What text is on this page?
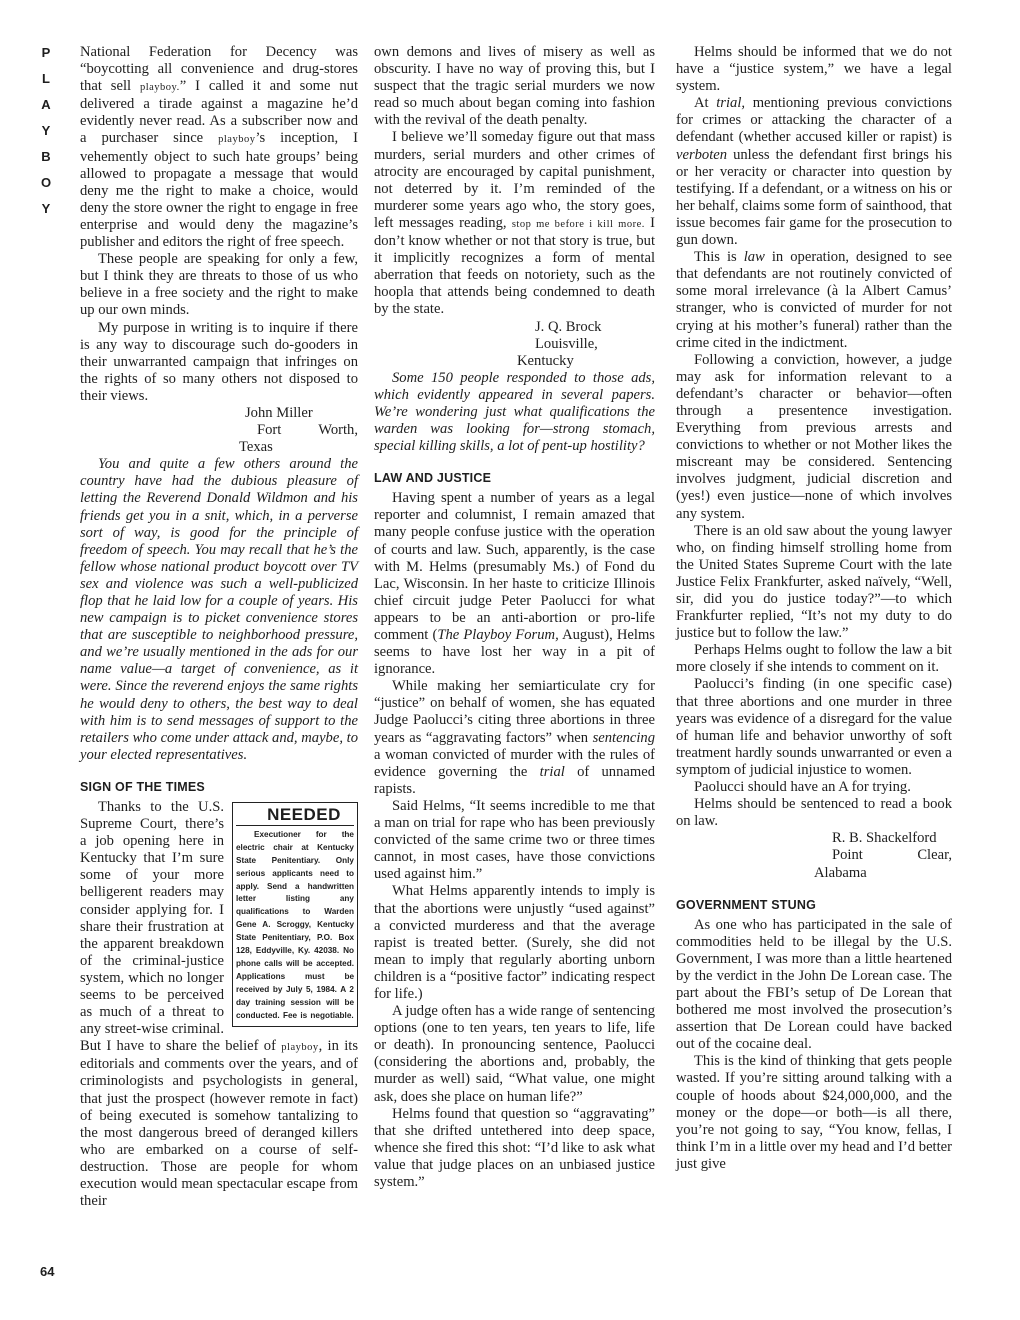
P
L
A
Y
B
O
Y
64

National Federation for Decency was “boycotting all convenience and drug-stores that sell playboy.” I called it and some nut delivered a tirade against a magazine he’d evidently never read. As a subscriber now and a purchaser since playboy’s inception, I vehemently object to such hate groups’ being allowed to propagate a message that would deny me the right to make a choice, would deny the store owner the right to engage in free enterprise and would deny the magazine’s publisher and editors the right of free speech.

These people are speaking for only a few, but I think they are threats to those of us who believe in a free society and the right to make up our own minds.

My purpose in writing is to inquire if there is any way to discourage such do-gooders in their unwarranted campaign that infringes on the rights of so many others not disposed to their views.

John Miller

Fort Worth, Texas

You and quite a few others around the country have had the dubious pleasure of letting the Reverend Donald Wildmon and his friends get you in a snit, which, in a perverse sort of way, is good for the principle of freedom of speech. You may recall that he’s the fellow whose national product boycott over TV sex and violence was such a well-publicized flop that he laid low for a couple of years. His new campaign is to picket convenience stores that are susceptible to neighborhood pressure, and we’re usually mentioned in the ads for our name value—a target of convenience, as it were. Since the reverend enjoys the same rights he would deny to others, the best way to deal with him is to send messages of support to the retailers who come under attack and, maybe, to your elected representatives.

SIGN OF THE TIMES

NEEDED
Executioner for the electric chair at Kentucky State Penitentiary. Only serious applicants need to apply. Send a handwritten letter listing any qualifications to Warden Gene A. Scroggy, Kentucky State Penitentiary, P.O. Box 128, Eddyville, Ky. 42038. No phone calls will be accepted. Applications must be received by July 5, 1984. A 2 day training session will be conducted. Fee is negotiable.
Thanks to the U.S. Supreme Court, there’s a job opening here in Kentucky that I’m sure some of your more belligerent readers may consider applying for. I share their frustration at the apparent breakdown of the criminal-justice system, which no longer seems to be perceived as much of a threat to any street-wise criminal. But I have to share the belief of playboy, in its editorials and comments over the years, and of criminologists and psychologists in general, that just the prospect (however remote in fact) of being executed is somehow tantalizing to the most dangerous breed of deranged killers who are embarked on a course of self-destruction. Those are people for whom execution would mean spectacular escape from their

own demons and lives of misery as well as obscurity. I have no way of proving this, but I suspect that the tragic serial murders we now read so much about began coming into fashion with the revival of the death penalty.

I believe we’ll someday figure out that mass murders, serial murders and other crimes of atrocity are encouraged by capital punishment, not deterred by it. I’m reminded of the murderer some years ago who, the story goes, left messages reading, stop me before i kill more. I don’t know whether or not that story is true, but it implicitly recognizes a form of mental aberration that feeds on notoriety, such as the hoopla that attends being condemned to death by the state.

J. Q. Brock

Louisville, Kentucky

Some 150 people responded to those ads, which evidently appeared in several papers. We’re wondering just what qualifications the warden was looking for—strong stomach, special killing skills, a lot of pent-up hostility?

LAW AND JUSTICE

Having spent a number of years as a legal reporter and columnist, I remain amazed that many people confuse justice with the operation of courts and law. Such, apparently, is the case with M. Helms (presumably Ms.) of Fond du Lac, Wisconsin. In her haste to criticize Illinois chief circuit judge Peter Paolucci for what appears to be an anti-abortion or pro-life comment (The Playboy Forum, August), Helms seems to have lost her way in a pit of ignorance.

While making her semiarticulate cry for “justice” on behalf of women, she has equated Judge Paolucci’s citing three abortions in three years as “aggravating factors” when sentencing a woman convicted of murder with the rules of evidence governing the trial of unnamed rapists.

Said Helms, “It seems incredible to me that a man on trial for rape who has been previously convicted of the same crime two or three times cannot, in most cases, have those convictions used against him.”

What Helms apparently intends to imply is that the abortions were unjustly “used against” a convicted murderess and that the average rapist is treated better. (Surely, she did not mean to imply that regularly aborting unborn children is a “positive factor” indicating respect for life.)

A judge often has a wide range of sentencing options (one to ten years, ten years to life, life or death). In pronouncing sentence, Paolucci (considering the abortions and, probably, the murder as well) said, “What value, one might ask, does she place on human life?”

Helms found that question so “aggravating” that she drifted untethered into deep space, whence she fired this shot: “I’d like to ask what value that judge places on an unbiased justice system.”

Helms should be informed that we do not have a “justice system,” we have a legal system.

At trial, mentioning previous convictions for crimes or attacking the character of a defendant (whether accused killer or rapist) is verboten unless the defendant first brings his or her veracity or character into question by testifying. If a defendant, or a witness on his or her behalf, claims some form of sainthood, that issue becomes fair game for the prosecution to gun down.

This is law in operation, designed to see that defendants are not routinely convicted of some moral irrelevance (à la Albert Camus’ stranger, who is convicted of murder for not crying at his mother’s funeral) rather than the crime cited in the indictment.

Following a conviction, however, a judge may ask for information relevant to a defendant’s character or behavior—often through a presentence investigation. Everything from previous arrests and convictions to whether or not Mother likes the miscreant may be considered. Sentencing involves judgment, judicial discretion and (yes!) even justice—none of which involves any system.

There is an old saw about the young lawyer who, on finding himself strolling home from the United States Supreme Court with the late Justice Felix Frankfurter, asked naïvely, “Well, sir, did you do justice today?”—to which Frankfurter replied, “It’s not my duty to do justice but to follow the law.”

Perhaps Helms ought to follow the law a bit more closely if she intends to comment on it.

Paolucci’s finding (in one specific case) that three abortions and one murder in three years was evidence of a disregard for the value of human life and behavior unworthy of soft treatment hardly sounds unwarranted or even a symptom of judicial injustice to women.

Paolucci should have an A for trying.

Helms should be sentenced to read a book on law.

R. B. Shackelford

Point Clear, Alabama

GOVERNMENT STUNG

As one who has participated in the sale of commodities held to be illegal by the U.S. Government, I was more than a little heartened by the verdict in the John De Lorean case. The part about the FBI’s setup of De Lorean that bothered me most involved the prosecution’s assertion that De Lorean could have backed out of the cocaine deal.

This is the kind of thinking that gets people wasted. If you’re sitting around talking with a couple of hoods about $24,000,000, and the money or the dope—or both—is all there, you’re not going to say, “You know, fellas, I think I’m in a little over my head and I’d better just give
